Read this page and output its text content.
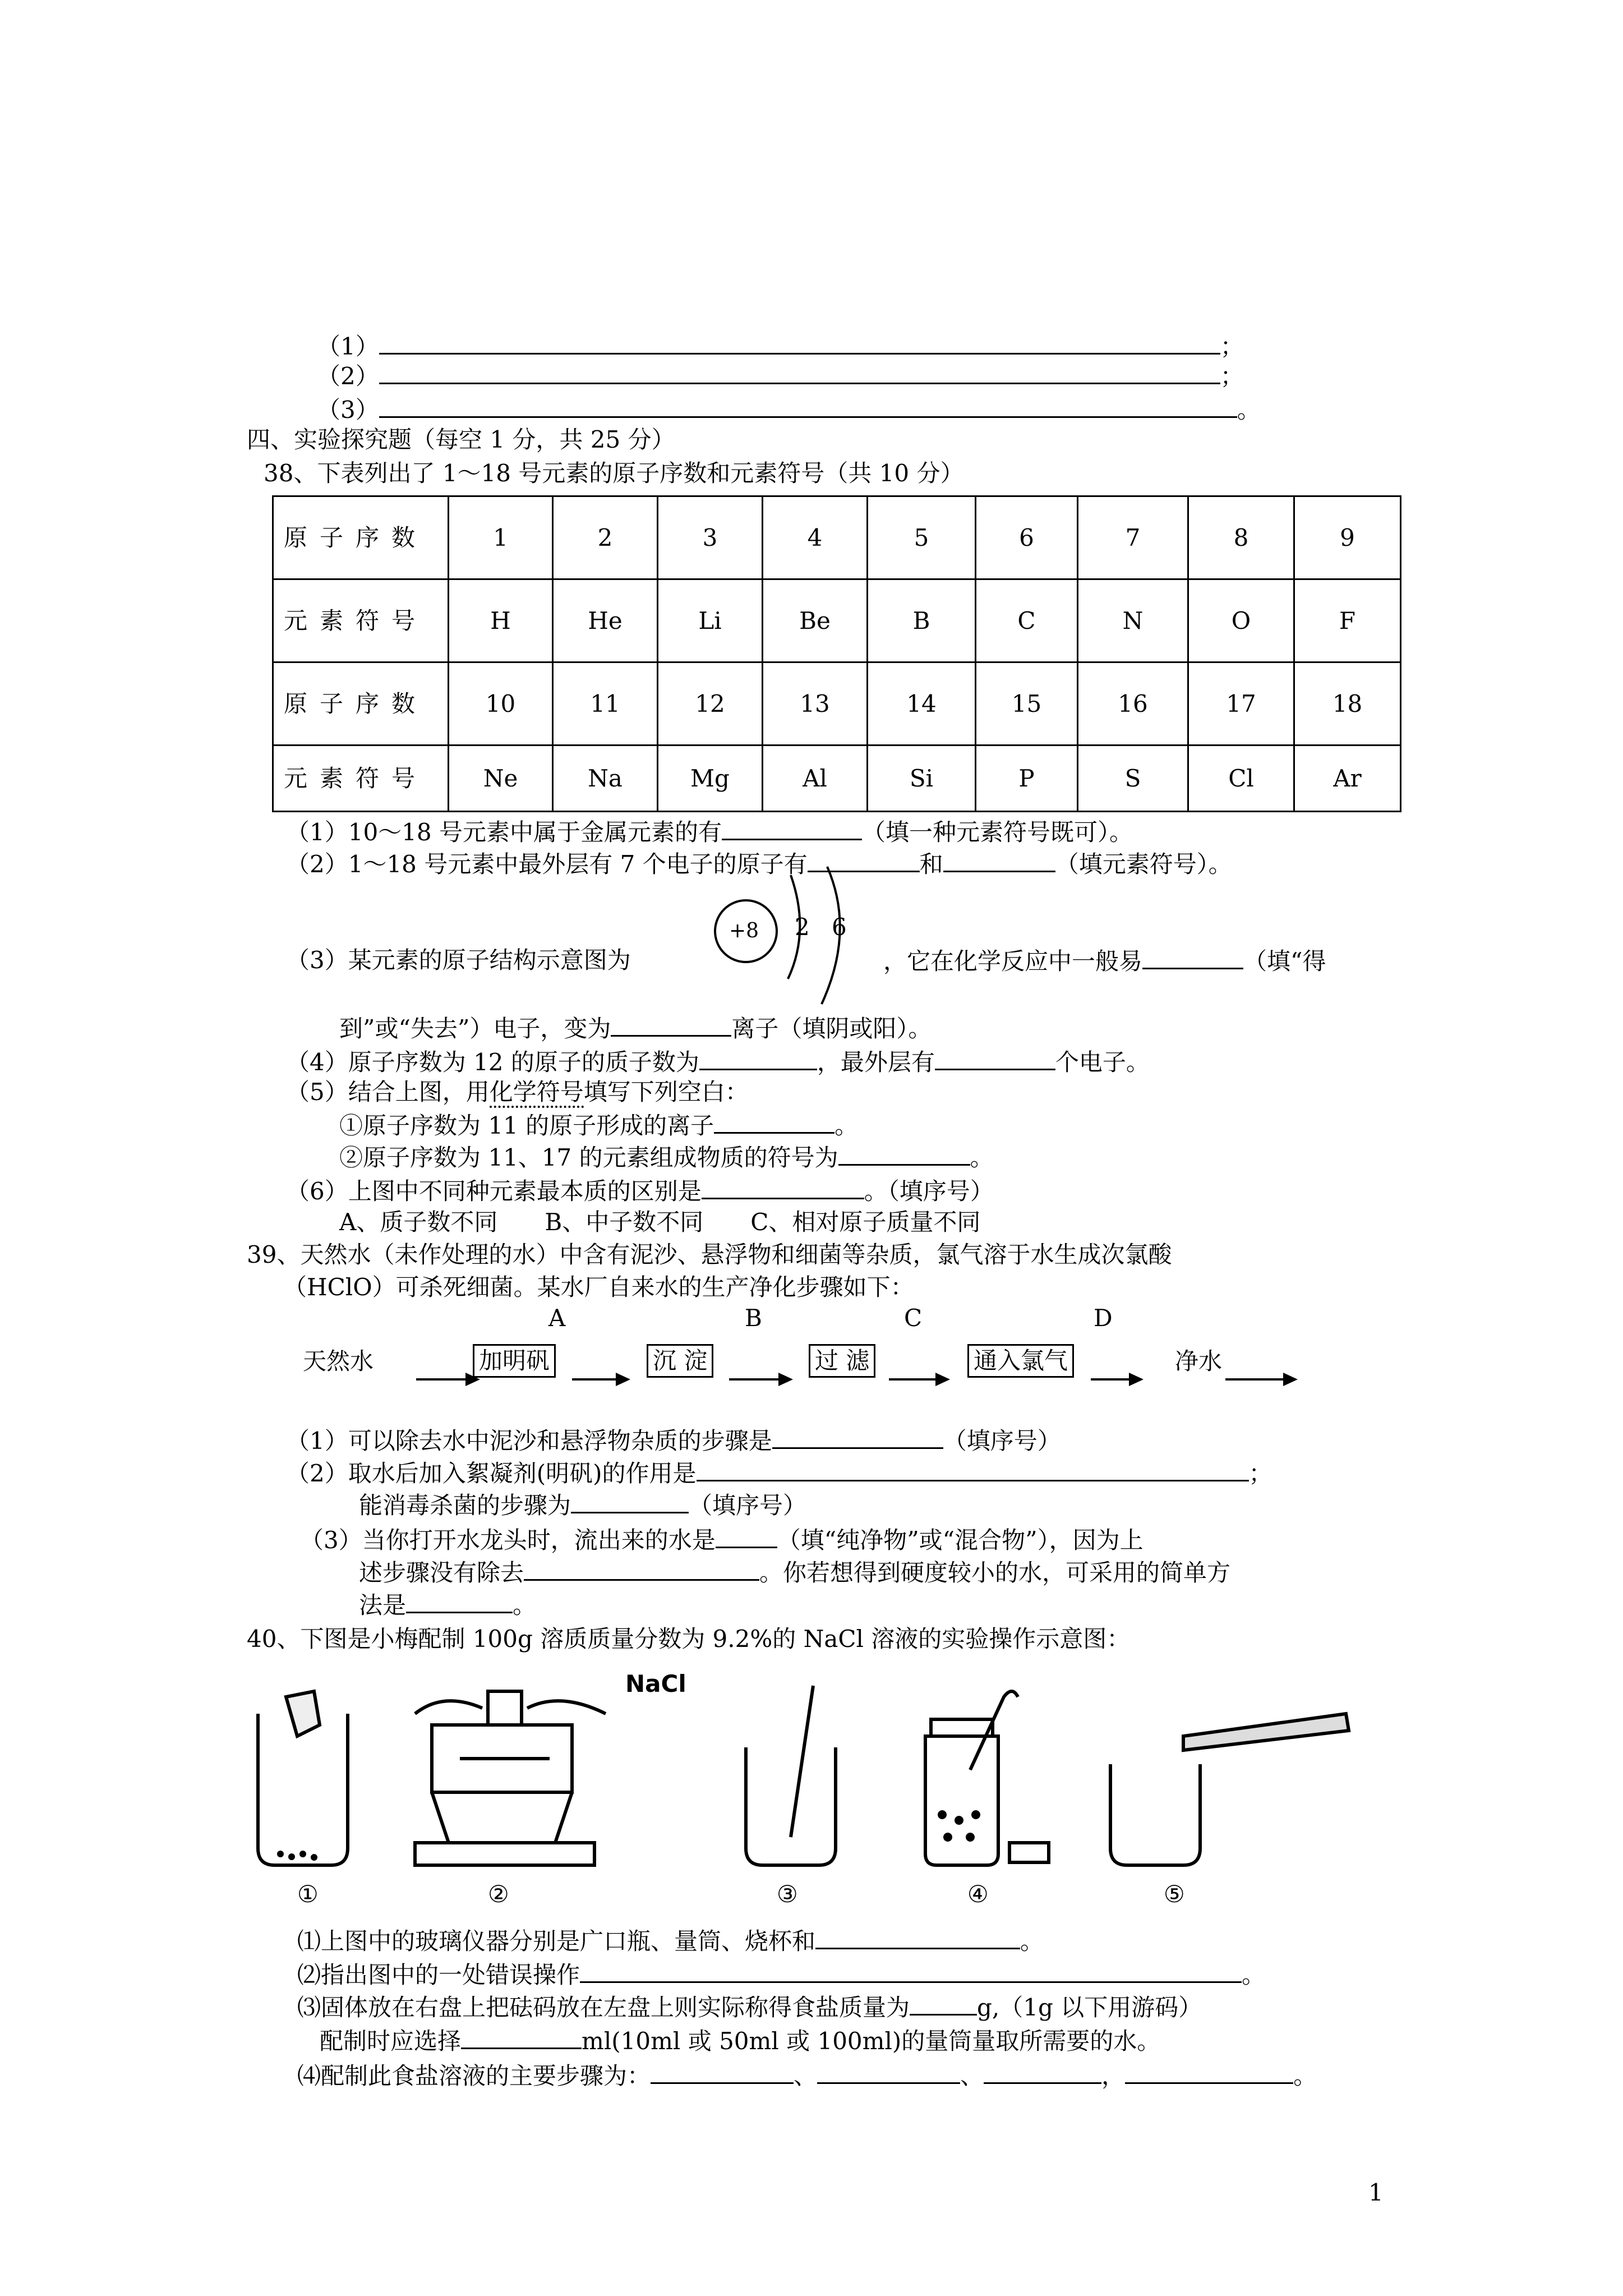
（1）	；
（2）	；
（3）	。
四、实验探究题（每空 1 分，共 25 分）
38、下表列出了 1～18 号元素的原子序数和元素符号（共 10 分）
原子序数	1	2	3	4	5	6	7	8	9
元素符号	H	He	Li	Be	B	C	N	O	F
原子序数	10	11	12	13	14	15	16	17	18
元素符号	Ne	Na	Mg	Al	Si	P	S	Cl	Ar
（1）10～18 号元素中属于金属元素的有	（填一种元素符号既可）。
（2）1～18 号元素中最外层有 7 个电子的原子有	和	（填元素符号）。
+8 2 6
（3）某元素的原子结构示意图为	，它在化学反应中一般易	（填“得
到”或“失去”）电子，变为	离子（填阴或阳）。
（4）原子序数为 12 的原子的质子数为	，最外层有	个电子。
（5）结合上图，用化学符号填写下列空白：
①原子序数为 11 的原子形成的离子	。
②原子序数为 11、17 的元素组成物质的符号为	。
（6）上图中不同种元素最本质的区别是	。（填序号）
A、质子数不同　　B、中子数不同　　C、相对原子质量不同
39、天然水（未作处理的水）中含有泥沙、悬浮物和细菌等杂质，氯气溶于水生成次氯酸
（HClO）可杀死细菌。某水厂自来水的生产净化步骤如下：
A	B	C	D
天然水	加明矾	沉 淀	过 滤	通入氯气	净水
（1）可以除去水中泥沙和悬浮物杂质的步骤是	（填序号）
（2）取水后加入絮凝剂(明矾)的作用是	；
能消毒杀菌的步骤为	（填序号）
（3）当你打开水龙头时，流出来的水是	（填“纯净物”或“混合物”），因为上
述步骤没有除去	。你若想得到硬度较小的水，可采用的简单方
法是	。
40、下图是小梅配制 100g 溶质质量分数为 9.2%的 NaCl 溶液的实验操作示意图：
NaCl
①	②	③	④	⑤
⑴上图中的玻璃仪器分别是广口瓶、量筒、烧杯和	。
⑵指出图中的一处错误操作	。
⑶固体放在右盘上把砝码放在左盘上则实际称得食盐质量为	g,（1g 以下用游码）
配制时应选择	ml(10ml 或 50ml 或 100ml)的量筒量取所需要的水。
⑷配制此食盐溶液的主要步骤为：	、	、	，	。
1
